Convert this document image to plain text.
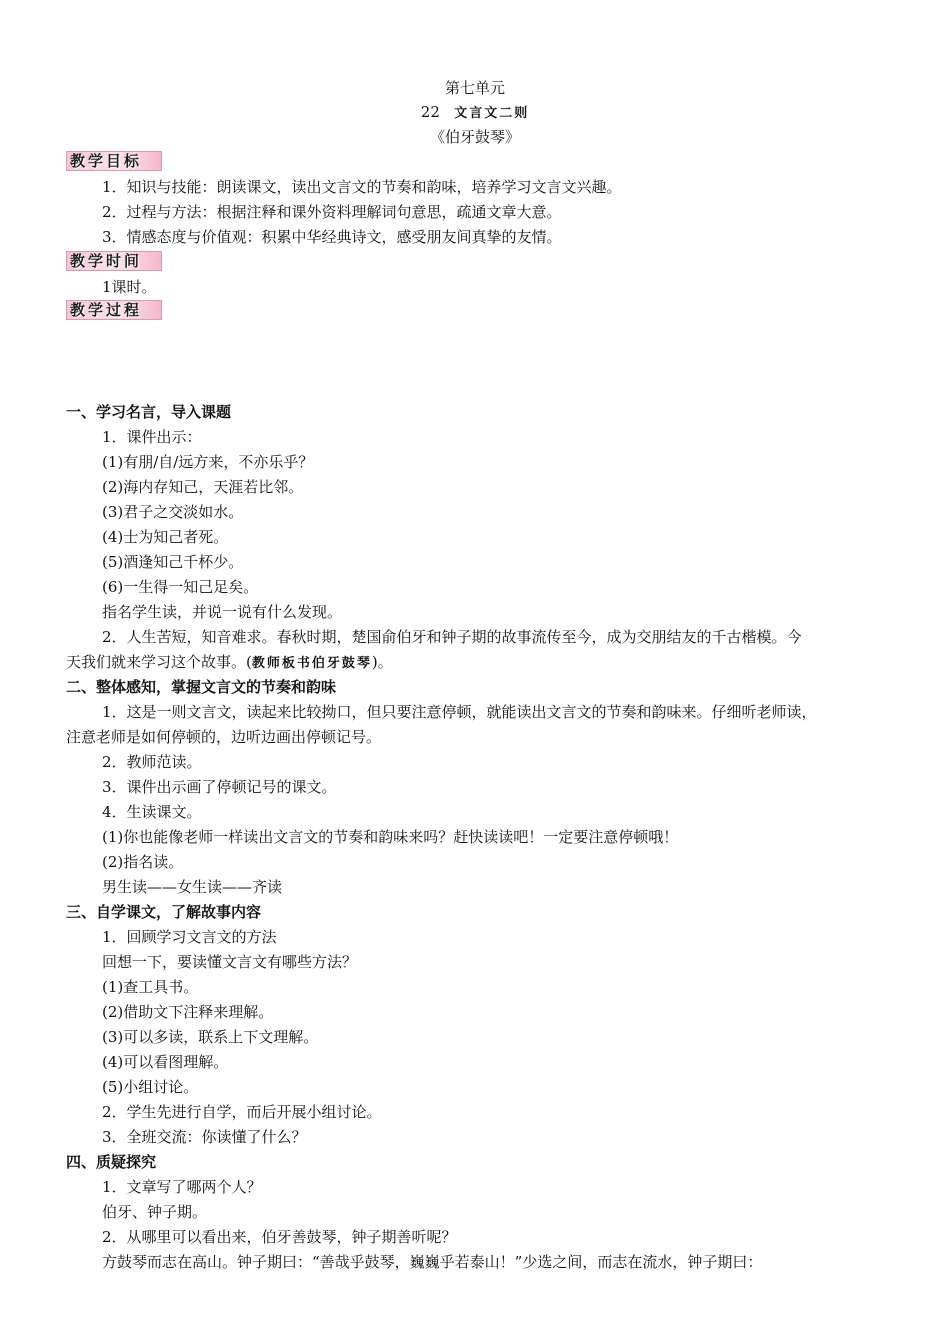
第七单元
22 文言文二则
《伯牙鼓琴》
教学目标
1．知识与技能：朗读课文，读出文言文的节奏和韵味，培养学习文言文兴趣。
2．过程与方法：根据注释和课外资料理解词句意思，疏通文章大意。
3．情感态度与价值观：积累中华经典诗文，感受朋友间真挚的友情。
教学时间
1课时。
教学过程
一、学习名言，导入课题
1．课件出示：
(1)有朋/自/远方来，不亦乐乎？
(2)海内存知己，天涯若比邻。
(3)君子之交淡如水。
(4)士为知己者死。
(5)酒逢知己千杯少。
(6)一生得一知己足矣。
指名学生读，并说一说有什么发现。
2．人生苦短，知音难求。春秋时期，楚国俞伯牙和钟子期的故事流传至今，成为交朋结友的千古楷模。今
天我们就来学习这个故事。(教师板书伯牙鼓琴)。
二、整体感知，掌握文言文的节奏和韵味
1．这是一则文言文，读起来比较拗口，但只要注意停顿，就能读出文言文的节奏和韵味来。仔细听老师读，
注意老师是如何停顿的，边听边画出停顿记号。
2．教师范读。
3．课件出示画了停顿记号的课文。
4．生读课文。
(1)你也能像老师一样读出文言文的节奏和韵味来吗？赶快读读吧！一定要注意停顿哦！
(2)指名读。
男生读——女生读——齐读
三、自学课文，了解故事内容
1．回顾学习文言文的方法
回想一下，要读懂文言文有哪些方法？
(1)查工具书。
(2)借助文下注释来理解。
(3)可以多读，联系上下文理解。
(4)可以看图理解。
(5)小组讨论。
2．学生先进行自学，而后开展小组讨论。
3．全班交流：你读懂了什么？
四、质疑探究
1．文章写了哪两个人？
伯牙、钟子期。
2．从哪里可以看出来，伯牙善鼓琴，钟子期善听呢？
方鼓琴而志在高山。钟子期曰：“善哉乎鼓琴，巍巍乎若泰山！”少选之间，而志在流水，钟子期曰：
